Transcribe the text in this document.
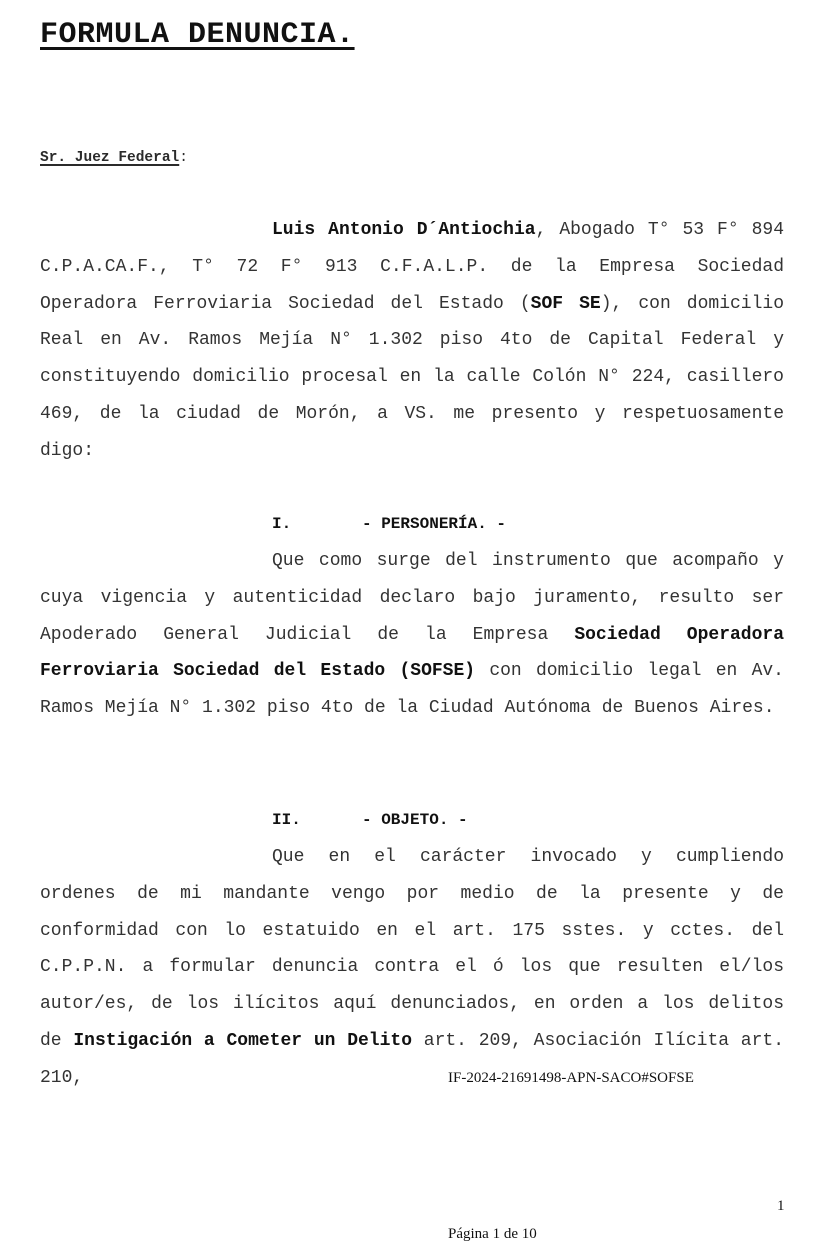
FORMULA DENUNCIA.
Sr. Juez Federal:

Luis Antonio D´Antiochia, Abogado T° 53 F° 894 C.P.A.CA.F., T° 72 F° 913 C.F.A.L.P. de la Empresa Sociedad Operadora Ferroviaria Sociedad del Estado (SOF SE), con domicilio Real en Av. Ramos Mejía N° 1.302 piso 4to de Capital Federal y constituyendo domicilio procesal en la calle Colón N° 224, casillero 469, de la ciudad de Morón, a VS. me presento y respetuosamente digo:

I.	- PERSONERÍA. -

Que como surge del instrumento que acompaño y cuya vigencia y autenticidad declaro bajo juramento, resulto ser Apoderado General Judicial de la Empresa Sociedad Operadora Ferroviaria Sociedad del Estado (SOFSE) con domicilio legal en Av. Ramos Mejía N° 1.302 piso 4to de la Ciudad Autónoma de Buenos Aires.

II.	- OBJETO. -

Que en el carácter invocado y cumpliendo ordenes de mi mandante vengo por medio de la presente y de conformidad con lo estatuido en el art. 175 sstes. y cctes. del C.P.P.N. a formular denuncia contra el ó los que resulten el/los autor/es, de los ilícitos aquí denunciados, en orden a los delitos de Instigación a Cometer un Delito art. 209, Asociación Ilícita art. 210,	IF-2024-21691498-APN-SACO#SOFSE
1
Página 1 de 10
